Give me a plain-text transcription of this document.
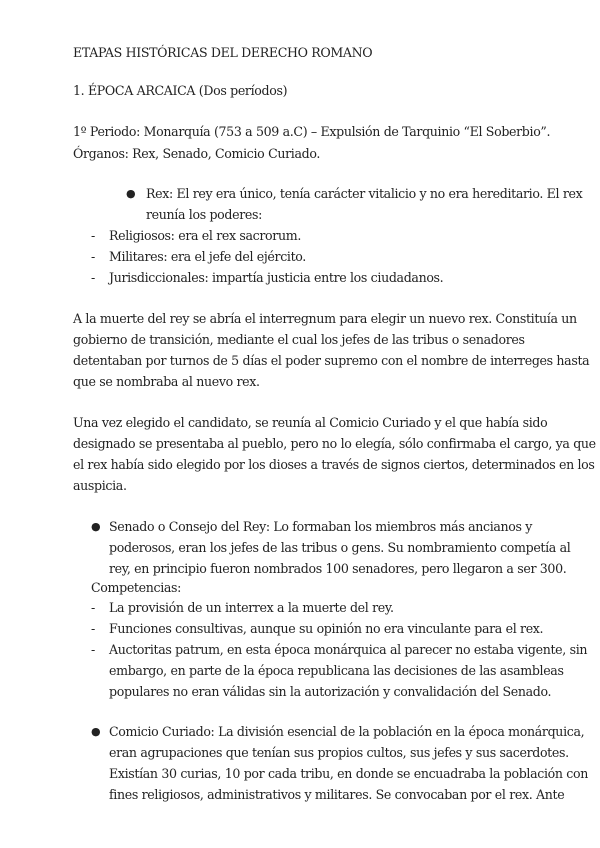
ETAPAS HISTÓRICAS DEL DERECHO ROMANO
1. ÉPOCA ARCAICA (Dos períodos)
1º Periodo: Monarquía (753 a 509 a.C) – Expulsión de Tarquinio “El Soberbio”.
Órganos: Rex, Senado, Comicio Curiado.
● Rex: El rey era único, tenía carácter vitalicio y no era hereditario. El rex
reunía los poderes:
- Religiosos: era el rex sacrorum.
- Militares: era el jefe del ejército.
- Jurisdiccionales: impartía justicia entre los ciudadanos.
A la muerte del rey se abría el interregnum para elegir un nuevo rex. Constituía un
gobierno de transición, mediante el cual los jefes de las tribus o senadores
detentaban por turnos de 5 días el poder supremo con el nombre de interreges hasta
que se nombraba al nuevo rex.
Una vez elegido el candidato, se reunía al Comicio Curiado y el que había sido
designado se presentaba al pueblo, pero no lo elegía, sólo confirmaba el cargo, ya que
el rex había sido elegido por los dioses a través de signos ciertos, determinados en los
auspicia.
● Senado o Consejo del Rey: Lo formaban los miembros más ancianos y
poderosos, eran los jefes de las tribus o gens. Su nombramiento competía al
rey, en principio fueron nombrados 100 senadores, pero llegaron a ser 300.
Competencias:
- La provisión de un interrex a la muerte del rey.
- Funciones consultivas, aunque su opinión no era vinculante para el rex.
- Auctoritas patrum, en esta época monárquica al parecer no estaba vigente, sin
embargo, en parte de la época republicana las decisiones de las asambleas
populares no eran válidas sin la autorización y convalidación del Senado.
● Comicio Curiado: La división esencial de la población en la época monárquica,
eran agrupaciones que tenían sus propios cultos, sus jefes y sus sacerdotes.
Existían 30 curias, 10 por cada tribu, en donde se encuadraba la población con
fines religiosos, administrativos y militares. Se convocaban por el rex. Ante
